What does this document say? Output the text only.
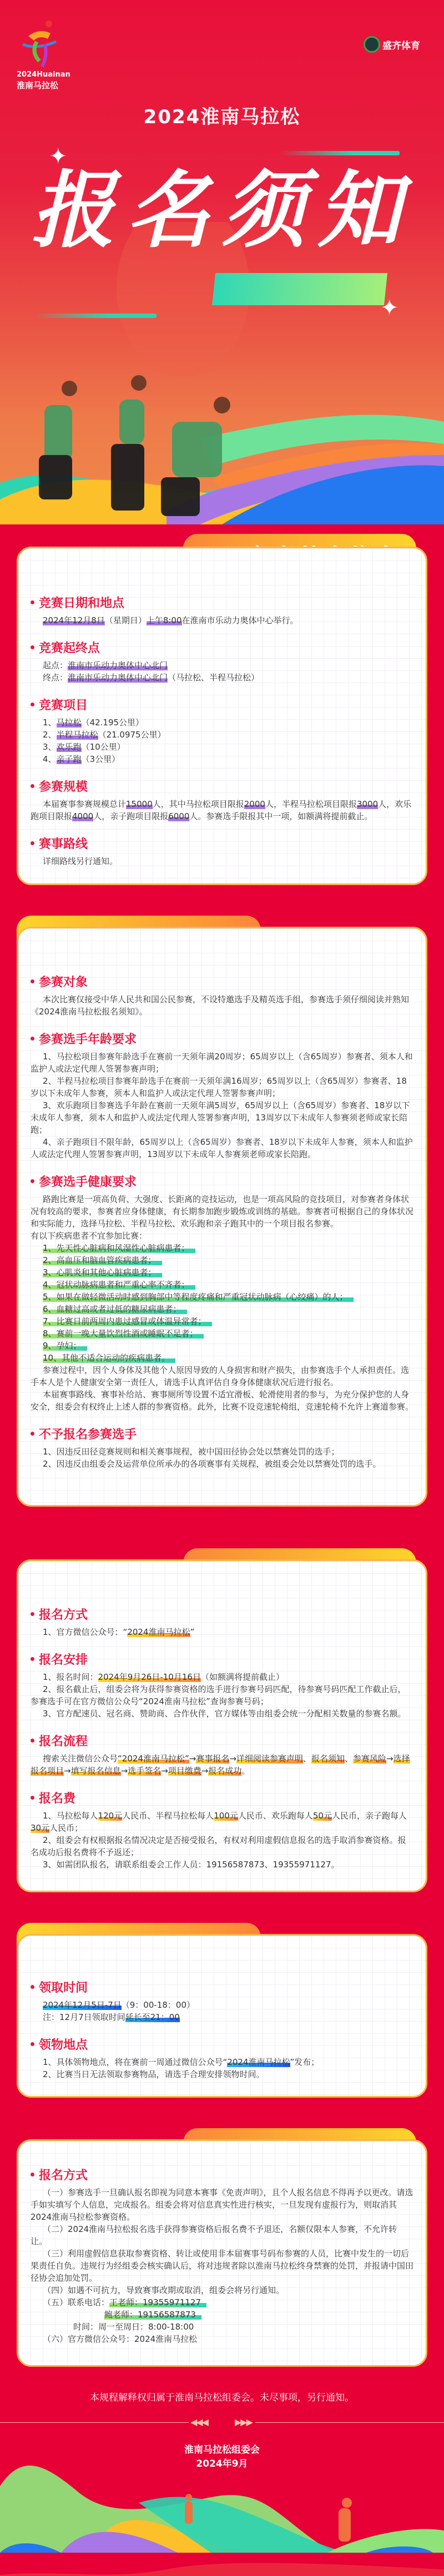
2024Huainan
淮南马拉松
盛齐体育
2024淮南马拉松
报名须知
✦
✦
竞赛日期和地点
2024年12月8日（星期日）上午8:00在淮南市乐动力奥体中心举行。
竞赛起终点
起点：淮南市乐动力奥体中心北门
终点：淮南市乐动力奥体中心北门（马拉松、半程马拉松）
竞赛项目
1、马拉松（42.195公里）
2、半程马拉松（21.0975公里）
3、欢乐跑（10公里）
4、亲子跑（3公里）
参赛规模
本届赛事参赛规模总计15000人，其中马拉松项目限报2000人，半程马拉松项目限报3000人，欢乐跑项目限报4000人，亲子跑项目限报6000人。参赛选手限报其中一项，如额满将提前截止。
赛事路线
详细路线另行通知。
参赛对象
本次比赛仅接受中华人民共和国公民参赛，不设特邀选手及精英选手组，参赛选手须仔细阅读并熟知《2024淮南马拉松报名须知》。
参赛选手年龄要求
1、马拉松项目参赛年龄选手在赛前一天须年满20周岁；65周岁以上（含65周岁）参赛者、须本人和监护人或法定代理人签署参赛声明；
2、半程马拉松项目参赛年龄选手在赛前一天须年满16周岁；65周岁以上（含65周岁）参赛者、18岁以下未成年人参赛，须本人和监护人或法定代理人签署参赛声明；
3、欢乐跑项目参赛选手年龄在赛前一天须年满5周岁，65周岁以上（含65周岁）参赛者、18岁以下未成年人参赛，须本人和监护人或法定代理人签署参赛声明，13周岁以下未成年人参赛须老师或家长陪跑；
4、亲子跑项目不限年龄，65周岁以上（含65周岁）参赛者、18岁以下未成年人参赛，须本人和监护人或法定代理人签署参赛声明，13周岁以下未成年人参赛须老师或家长陪跑。
参赛选手健康要求
路跑比赛是一项高负荷、大强度、长距离的竞技运动，也是一项高风险的竞技项目，对参赛者身体状况有较高的要求，参赛者应身体健康，有长期参加跑步锻炼或训练的基础。参赛者可根据自己的身体状况和实际能力，选择马拉松、半程马拉松、欢乐跑和亲子跑其中的一个项目报名参赛。
有以下疾病患者不宜参加比赛：
1、先天性心脏病和风湿性心脏病患者；
2、高血压和脑血管疾病患者；
3、心肌炎和其他心脏病患者；
4、冠状动脉病患者和严重心率不齐者；
5、如果在做轻微活动时感到胸部中等程度疼痛和严重冠状动脉病（心绞痛）的人；
6、血糖过高或者过低的糖尿病患者；
7、比赛日前两周内患过感冒或体温异常者；
8、赛前一晚大量饮烈性酒或睡眠不足者；
9、孕妇；
10、其他不适合运动的疾病患者。
参赛过程中，因个人身体及其他个人原因导致的人身损害和财产损失，由参赛选手个人承担责任。选手本人是个人健康安全第一责任人，请选手认真评估自身身体健康状况后进行报名。
本届赛事路线、赛事补给站、赛事厕所等设置不适宜滑板、轮滑使用者的参与，为充分保护您的人身安全，组委会有权终止上述人群的参赛资格。此外，比赛不设竞速轮椅组，竞速轮椅不允许上赛道参赛。
不予报名参赛选手
1、因违反田径竞赛规则和相关赛事规程，被中国田径协会处以禁赛处罚的选手；
2、因违反由组委会及运营单位所承办的各项赛事有关规程，被组委会处以禁赛处罚的选手。
报名方式
1、官方微信公众号：“2024淮南马拉松”
报名安排
1、报名时间：2024年9月26日-10月16日（如额满将提前截止）
2、报名截止后，组委会将为获得参赛资格的选手进行参赛号码匹配，待参赛号码匹配工作截止后，参赛选手可在官方微信公众号“2024淮南马拉松”查询参赛号码；
3、官方配速员、冠名商、赞助商、合作伙伴，官方媒体等由组委会统一分配相关数量的参赛名额。
报名流程
搜索关注微信公众号“2024淮南马拉松”→赛事报名→详细阅读参赛声明、报名须知、参赛风险→选择报名项目→填写报名信息→选手签名→项目缴费→报名成功。
报名费
1、马拉松每人120元人民币、半程马拉松每人100元人民币、欢乐跑每人50元人民币，亲子跑每人30元人民币；
2、组委会有权根据报名情况决定是否接受报名，有权对利用虚假信息报名的选手取消参赛资格。报名成功后报名费将不予返还；
3、如需团队报名，请联系组委会工作人员：19156587873、19355971127。
领取时间
2024年12月5日-7日（9：00-18：00）
注：12月7日领取时间延长至21：00
领物地点
1、具体领物地点，将在赛前一周通过微信公众号“2024淮南马拉松”发布；
2、比赛当日无法领取参赛物品，请选手合理安排领物时间。
报名方式
（一）参赛选手一旦确认报名即视为同意本赛事《免责声明》，且个人报名信息不得再予以更改。请选手如实填写个人信息，完成报名。组委会将对信息真实性进行核实，一旦发现有虚报行为，则取消其2024淮南马拉松参赛资格。
（二）2024淮南马拉松报名选手获得参赛资格后报名费不予退还，名额仅限本人参赛，不允许转让。
（三）利用虚假信息获取参赛资格、转让或使用非本届赛事号码布参赛的人员，比赛中发生的一切后果责任自负。违规行为经组委会核实确认后，将对违规者除以淮南马拉松终身禁赛的处罚，并报请中国田径协会追加处罚。
（四）如遇不可抗力，导致赛事改期或取消，组委会将另行通知。
（五）联系电话：王老师：19355971127
鲍老师：19156587873
时间：周一至周日：8:00-18:00
（六）官方微信公众号：2024淮南马拉松
本规程解释权归属于淮南马拉松组委会。未尽事项，另行通知。
◀◀◀	▶▶▶
淮南马拉松组委会
2024年9月
